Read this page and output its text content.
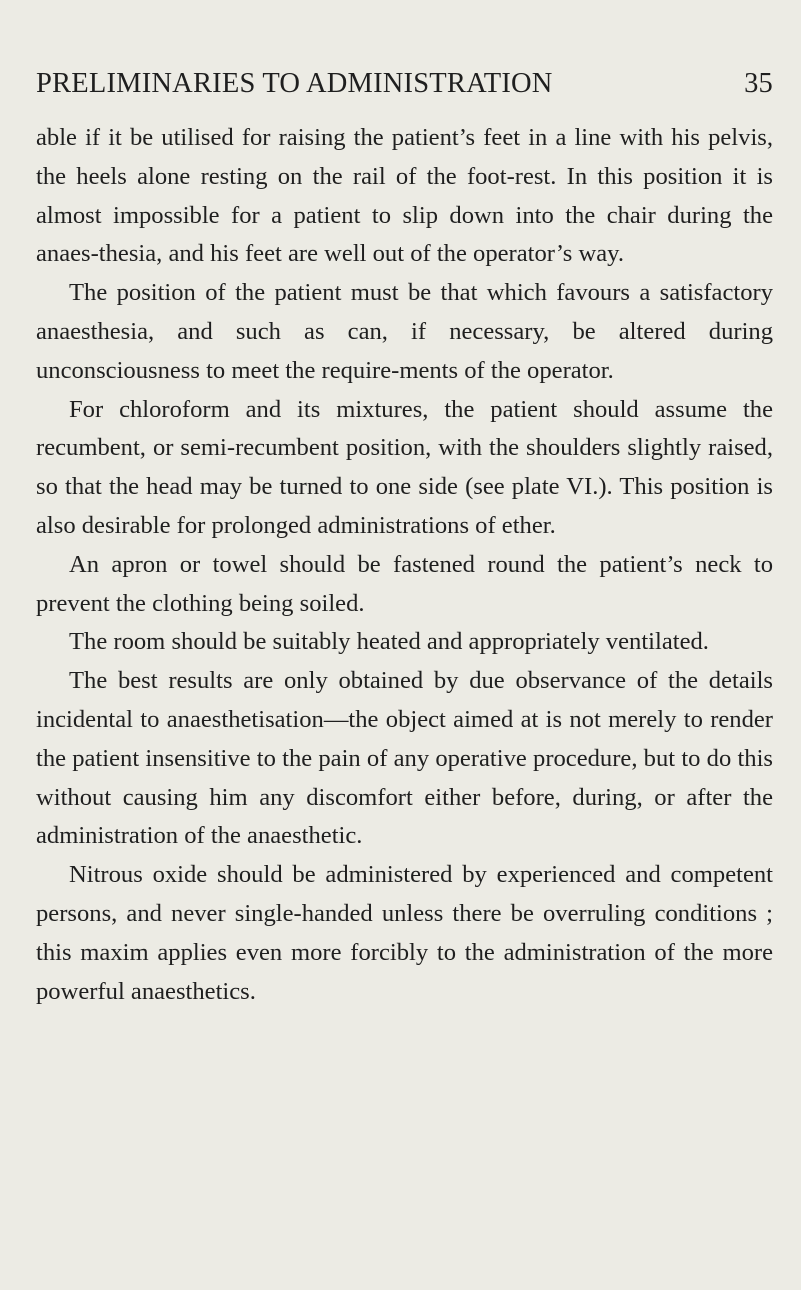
PRELIMINARIES TO ADMINISTRATION	35

able if it be utilised for raising the patient’s feet in a line with his pelvis, the heels alone resting on the rail of the foot-rest. In this position it is almost impossible for a patient to slip down into the chair during the anaes-thesia, and his feet are well out of the operator’s way.

The position of the patient must be that which favours a satisfactory anaesthesia, and such as can, if necessary, be altered during unconsciousness to meet the require-ments of the operator.

For chloroform and its mixtures, the patient should assume the recumbent, or semi-recumbent position, with the shoulders slightly raised, so that the head may be turned to one side (see plate VI.). This position is also desirable for prolonged administrations of ether.

An apron or towel should be fastened round the patient’s neck to prevent the clothing being soiled.

The room should be suitably heated and appropriately ventilated.

The best results are only obtained by due observance of the details incidental to anaesthetisation—the object aimed at is not merely to render the patient insensitive to the pain of any operative procedure, but to do this without causing him any discomfort either before, during, or after the administration of the anaesthetic.

Nitrous oxide should be administered by experienced and competent persons, and never single-handed unless there be overruling conditions ; this maxim applies even more forcibly to the administration of the more powerful anaesthetics.
